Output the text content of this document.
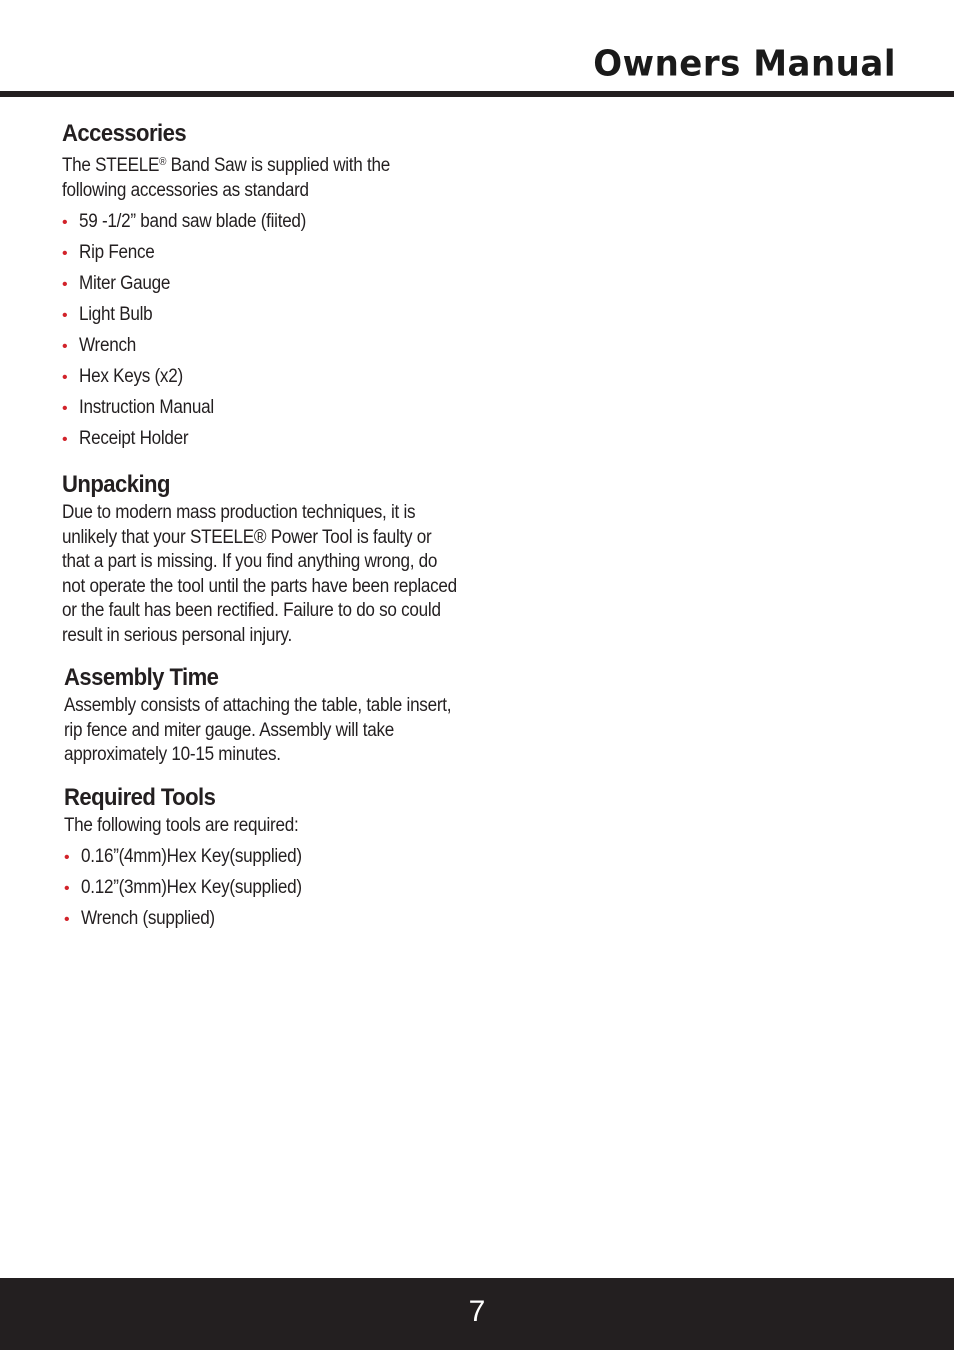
Owners Manual
Accessories

The STEELE® Band Saw is supplied with the following accessories as standard

• 59 -1/2” band saw blade (fiited)
• Rip Fence
• Miter Gauge
• Light Bulb
• Wrench
• Hex Keys (x2)
• Instruction Manual
• Receipt Holder
Unpacking

Due to modern mass production techniques, it is unlikely that your STEELE® Power Tool is faulty or that a part is missing. If you find anything wrong, do not operate the tool until the parts have been replaced or the fault has been rectified. Failure to do so could result in serious personal injury.

Assembly Time

Assembly consists of attaching the table, table insert, rip fence and miter gauge. Assembly will take approximately 10-15 minutes.

Required Tools

The following tools are required:

• 0.16”(4mm)Hex Key(supplied)
• 0.12”(3mm)Hex Key(supplied)
• Wrench (supplied)
7
